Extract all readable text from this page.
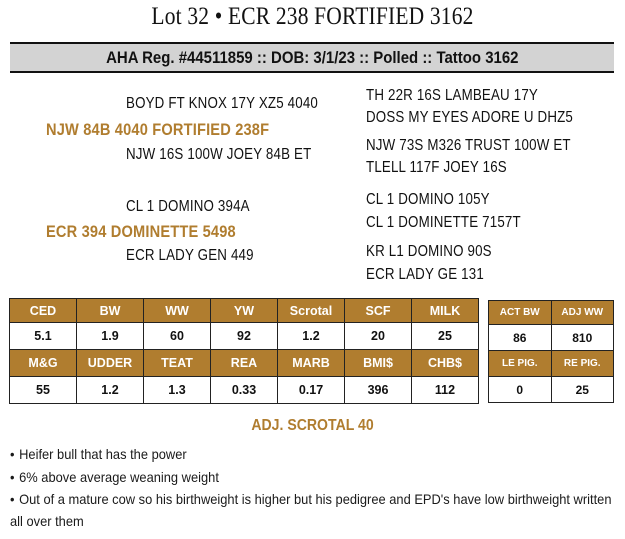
Lot 32 • ECR 238 FORTIFIED 3162
AHA Reg. #44511859 :: DOB: 3/1/23 :: Polled :: Tattoo 3162
BOYD FT KNOX 17Y XZ5 4040
NJW 84B 4040 FORTIFIED 238F
NJW 16S 100W JOEY 84B ET
TH 22R 16S LAMBEAU 17Y
DOSS MY EYES ADORE U DHZ5
NJW 73S M326 TRUST 100W ET
TLELL 117F JOEY 16S
CL 1 DOMINO 394A
ECR 394 DOMINETTE 5498
ECR LADY GEN 449
CL 1 DOMINO 105Y
CL 1 DOMINETTE 7157T
KR L1 DOMINO 90S
ECR LADY GE 131
CED	BW	WW	YW	Scrotal	SCF	MILK
5.1	1.9	60	92	1.2	20	25
M&G	UDDER	TEAT	REA	MARB	BMI$	CHB$
55	1.2	1.3	0.33	0.17	396	112
ACT BW	ADJ WW
86	810
LE PIG.	RE PIG.
0	25
ADJ. SCROTAL 40
• Heifer bull that has the power
• 6% above average weaning weight
• Out of a mature cow so his birthweight is higher but his pedigree and EPD's have low birthweight written all over them
